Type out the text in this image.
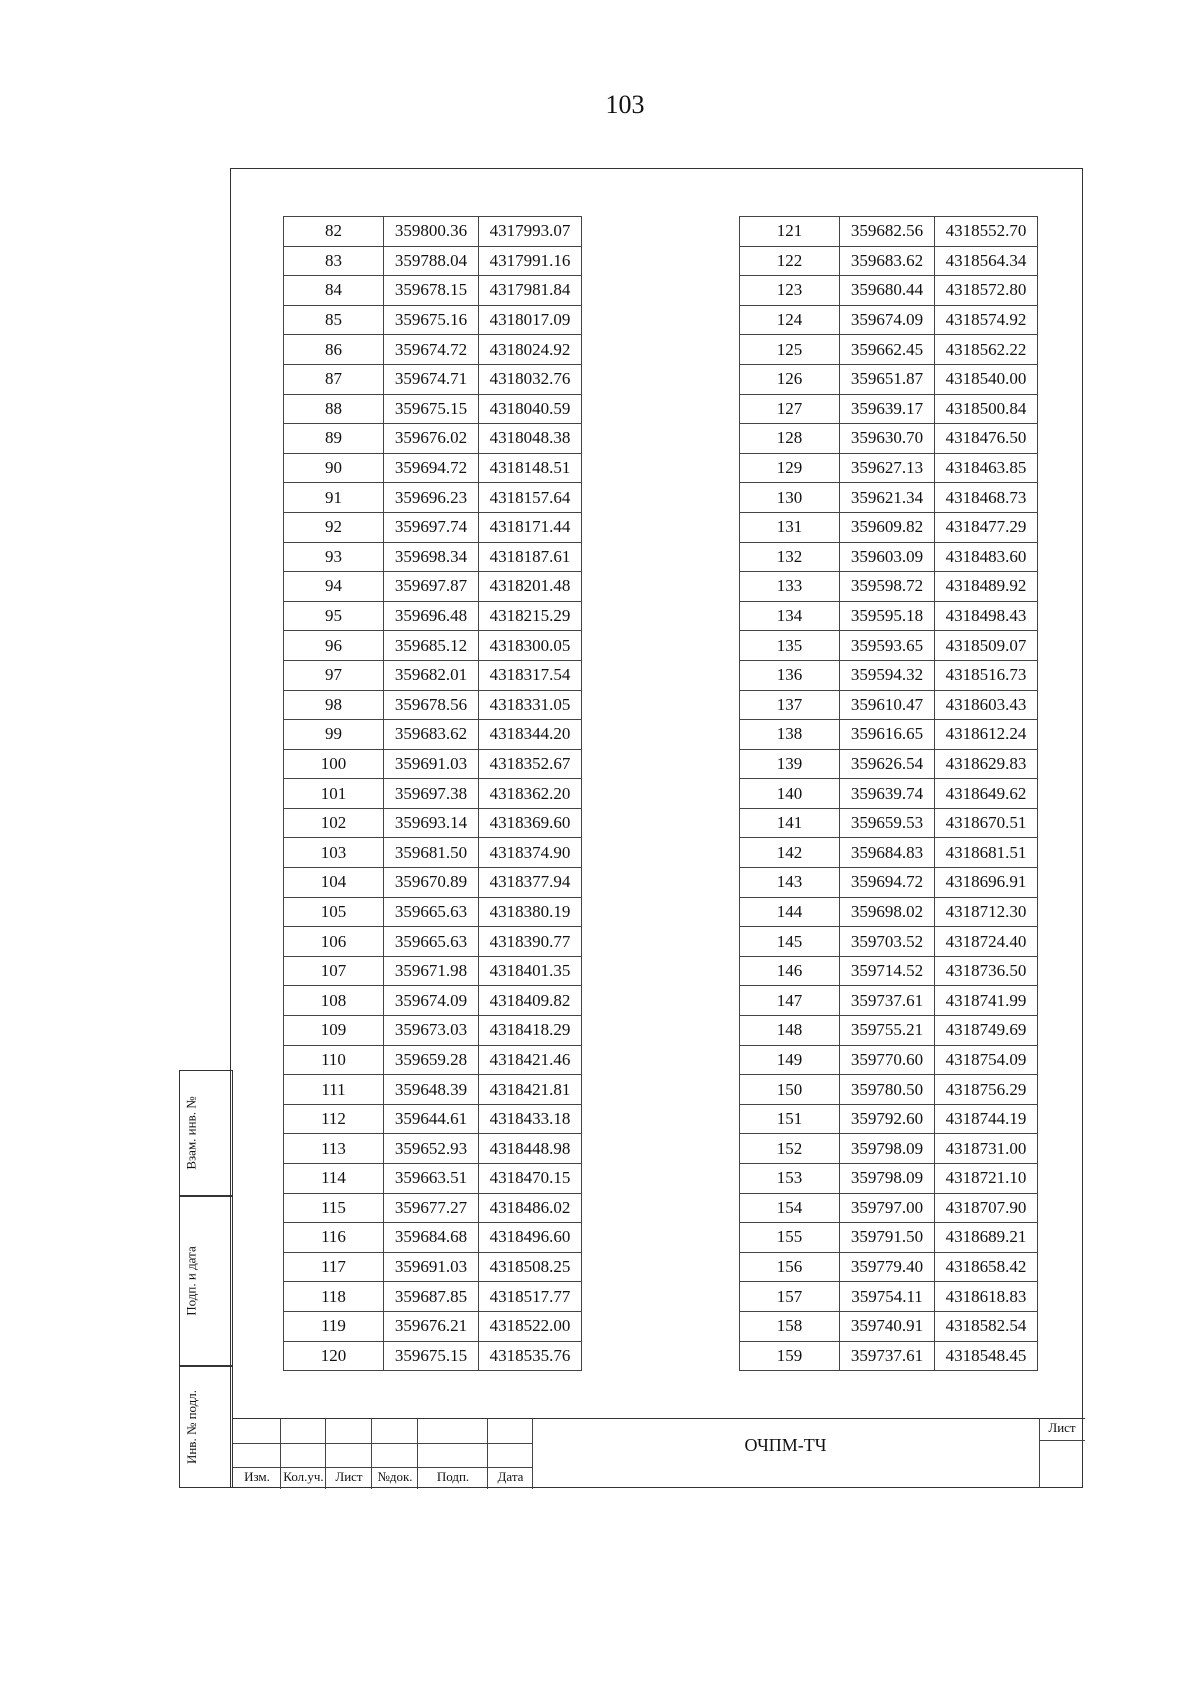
103
82	359800.36	4317993.07
83	359788.04	4317991.16
84	359678.15	4317981.84
85	359675.16	4318017.09
86	359674.72	4318024.92
87	359674.71	4318032.76
88	359675.15	4318040.59
89	359676.02	4318048.38
90	359694.72	4318148.51
91	359696.23	4318157.64
92	359697.74	4318171.44
93	359698.34	4318187.61
94	359697.87	4318201.48
95	359696.48	4318215.29
96	359685.12	4318300.05
97	359682.01	4318317.54
98	359678.56	4318331.05
99	359683.62	4318344.20
100	359691.03	4318352.67
101	359697.38	4318362.20
102	359693.14	4318369.60
103	359681.50	4318374.90
104	359670.89	4318377.94
105	359665.63	4318380.19
106	359665.63	4318390.77
107	359671.98	4318401.35
108	359674.09	4318409.82
109	359673.03	4318418.29
110	359659.28	4318421.46
111	359648.39	4318421.81
112	359644.61	4318433.18
113	359652.93	4318448.98
114	359663.51	4318470.15
115	359677.27	4318486.02
116	359684.68	4318496.60
117	359691.03	4318508.25
118	359687.85	4318517.77
119	359676.21	4318522.00
120	359675.15	4318535.76
121	359682.56	4318552.70
122	359683.62	4318564.34
123	359680.44	4318572.80
124	359674.09	4318574.92
125	359662.45	4318562.22
126	359651.87	4318540.00
127	359639.17	4318500.84
128	359630.70	4318476.50
129	359627.13	4318463.85
130	359621.34	4318468.73
131	359609.82	4318477.29
132	359603.09	4318483.60
133	359598.72	4318489.92
134	359595.18	4318498.43
135	359593.65	4318509.07
136	359594.32	4318516.73
137	359610.47	4318603.43
138	359616.65	4318612.24
139	359626.54	4318629.83
140	359639.74	4318649.62
141	359659.53	4318670.51
142	359684.83	4318681.51
143	359694.72	4318696.91
144	359698.02	4318712.30
145	359703.52	4318724.40
146	359714.52	4318736.50
147	359737.61	4318741.99
148	359755.21	4318749.69
149	359770.60	4318754.09
150	359780.50	4318756.29
151	359792.60	4318744.19
152	359798.09	4318731.00
153	359798.09	4318721.10
154	359797.00	4318707.90
155	359791.50	4318689.21
156	359779.40	4318658.42
157	359754.11	4318618.83
158	359740.91	4318582.54
159	359737.61	4318548.45
Взам. инв. №
Подп. и дата
Инв. № подл.
Изм.	Кол.уч. Лист	№док.	Подп.	Дата
ОЧПМ-ТЧ
Лист
